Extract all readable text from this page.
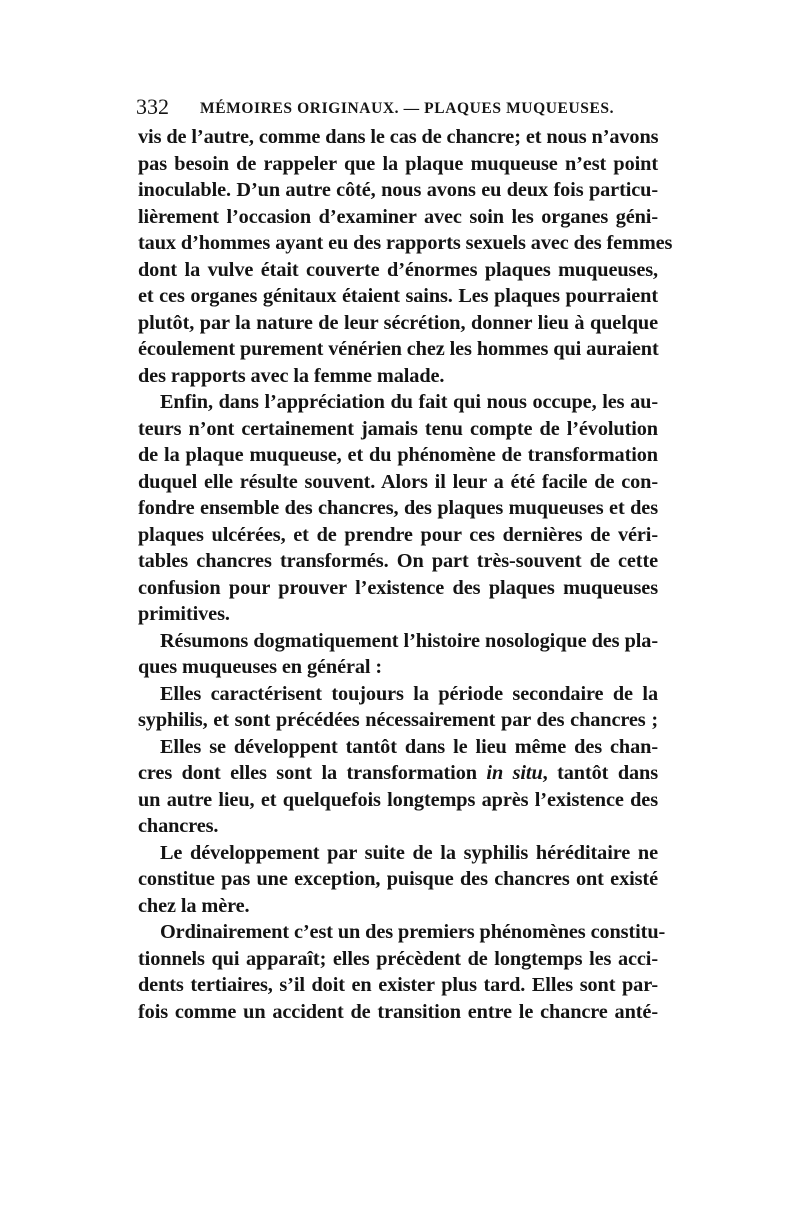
332 MÉMOIRES ORIGINAUX. — PLAQUES MUQUEUSES.
vis de l’autre, comme dans le cas de chancre; et nous n’avons
pas besoin de rappeler que la plaque muqueuse n’est point
inoculable. D’un autre côté, nous avons eu deux fois particu-
lièrement l’occasion d’examiner avec soin les organes géni-
taux d’hommes ayant eu des rapports sexuels avec des femmes
dont la vulve était couverte d’énormes plaques muqueuses,
et ces organes génitaux étaient sains. Les plaques pourraient
plutôt, par la nature de leur sécrétion, donner lieu à quelque
écoulement purement vénérien chez les hommes qui auraient
des rapports avec la femme malade.
Enfin, dans l’appréciation du fait qui nous occupe, les au-
teurs n’ont certainement jamais tenu compte de l’évolution
de la plaque muqueuse, et du phénomène de transformation
duquel elle résulte souvent. Alors il leur a été facile de con-
fondre ensemble des chancres, des plaques muqueuses et des
plaques ulcérées, et de prendre pour ces dernières de véri-
tables chancres transformés. On part très-souvent de cette
confusion pour prouver l’existence des plaques muqueuses
primitives.
Résumons dogmatiquement l’histoire nosologique des pla-
ques muqueuses en général :
Elles caractérisent toujours la période secondaire de la
syphilis, et sont précédées nécessairement par des chancres ;
Elles se développent tantôt dans le lieu même des chan-
cres dont elles sont la transformation in situ, tantôt dans
un autre lieu, et quelquefois longtemps après l’existence des
chancres.
Le développement par suite de la syphilis héréditaire ne
constitue pas une exception, puisque des chancres ont existé
chez la mère.
Ordinairement c’est un des premiers phénomènes constitu-
tionnels qui apparaît; elles précèdent de longtemps les acci-
dents tertiaires, s’il doit en exister plus tard. Elles sont par-
fois comme un accident de transition entre le chancre anté-
